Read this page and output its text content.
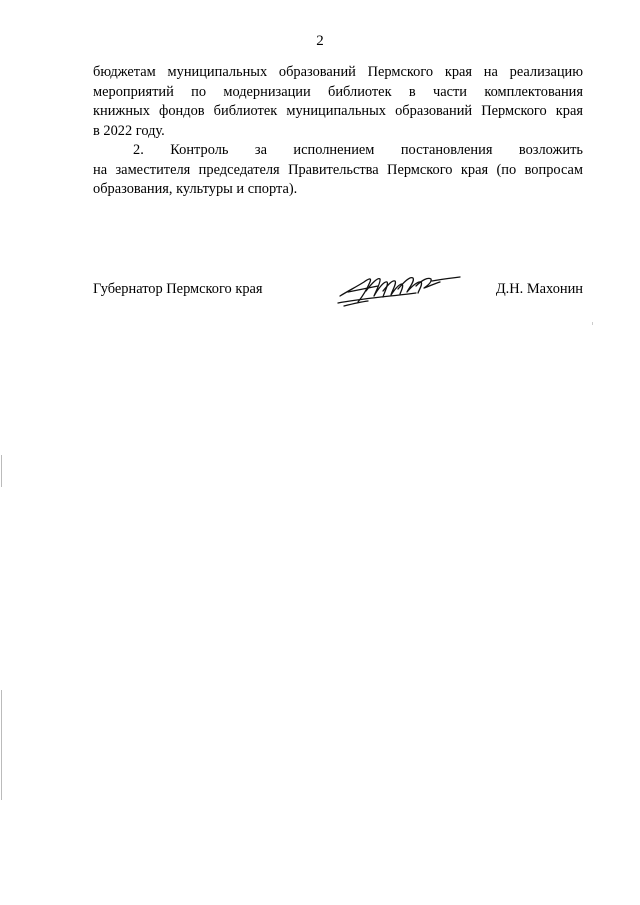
2
бюджетам муниципальных образований Пермского края на реализацию
мероприятий по модернизации библиотек в части комплектования
книжных фондов библиотек муниципальных образований Пермского края
в 2022 году.
2. Контроль за исполнением постановления возложить
на заместителя председателя Правительства Пермского края (по вопросам
образования, культуры и спорта).
Губернатор Пермского края	Д.Н. Махонин
